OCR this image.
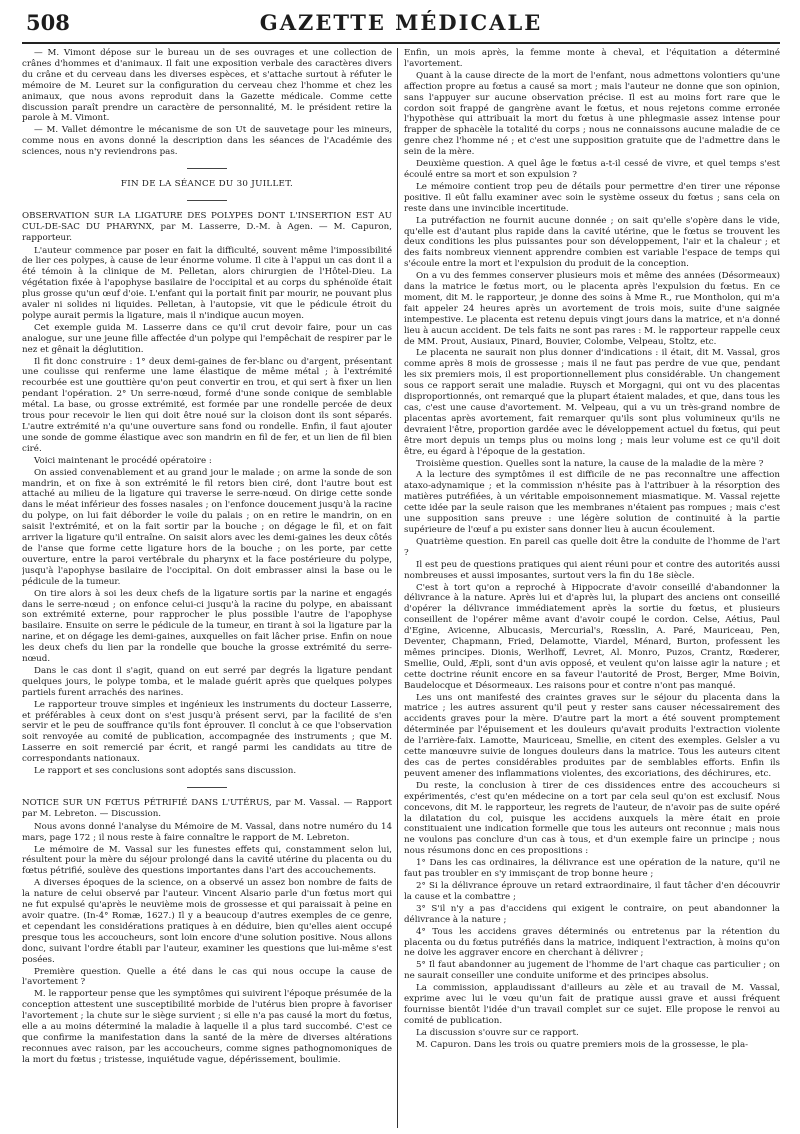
508	GAZETTE MÉDICALE

— M. Vimont dépose sur le bureau un de ses ouvrages et une collection de crânes d'hommes et d'animaux. Il fait une exposition verbale des caractères divers du crâne et du cerveau dans les diverses espèces, et s'attache surtout à réfuter le mémoire de M. Leuret sur la configuration du cerveau chez l'homme et chez les animaux, que nous avons reproduit dans la Gazette médicale. Comme cette discussion paraît prendre un caractère de personnalité, M. le président retire la parole à M. Vimont.

— M. Vallet démontre le mécanisme de son Ut de sauvetage pour les mineurs, comme nous en avons donné la description dans les séances de l'Académie des sciences, nous n'y reviendrons pas.

FIN DE LA SÉANCE DU 30 JUILLET.

OBSERVATION SUR LA LIGATURE DES POLYPES DONT L'INSERTION EST AU CUL-DE-SAC DU PHARYNX, par M. Lasserre, D.-M. à Agen. — M. Capuron, rapporteur.

L'auteur commence par poser en fait la difficulté, souvent même l'impossibilité de lier ces polypes, à cause de leur énorme volume. Il cite à l'appui un cas dont il a été témoin à la clinique de M. Pelletan, alors chirurgien de l'Hôtel-Dieu. La végétation fixée à l'apophyse basilaire de l'occipital et au corps du sphénoïde était plus grosse qu'un œuf d'oie. L'enfant qui la portait finit par mourir, ne pouvant plus avaler ni solides ni liquides. Pelletan, à l'autopsie, vit que le pédicule étroit du polype aurait permis la ligature, mais il n'indique aucun moyen.

Cet exemple guida M. Lasserre dans ce qu'il crut devoir faire, pour un cas analogue, sur une jeune fille affectée d'un polype qui l'empêchait de respirer par le nez et gênait la déglutition.

Il fit donc construire : 1° deux demi-gaines de fer-blanc ou d'argent, présentant une coulisse qui renferme une lame élastique de même métal ; à l'extrémité recourbée est une gouttière qu'on peut convertir en trou, et qui sert à fixer un lien pendant l'opération. 2° Un serre-nœud, formé d'une sonde conique de semblable métal. La base, ou grosse extrémité, est formée par une rondelle percée de deux trous pour recevoir le lien qui doit être noué sur la cloison dont ils sont séparés. L'autre extrémité n'a qu'une ouverture sans fond ou rondelle. Enfin, il faut ajouter une sonde de gomme élastique avec son mandrin en fil de fer, et un lien de fil bien ciré.

Voici maintenant le procédé opératoire :

On assied convenablement et au grand jour le malade ; on arme la sonde de son mandrin, et on fixe à son extrémité le fil retors bien ciré, dont l'autre bout est attaché au milieu de la ligature qui traverse le serre-nœud. On dirige cette sonde dans le méat inférieur des fosses nasales ; on l'enfonce doucement jusqu'à la racine du polype, on lui fait déborder le voile du palais ; on en retire le mandrin, on en saisit l'extrémité, et on la fait sortir par la bouche ; on dégage le fil, et on fait arriver la ligature qu'il entraîne. On saisit alors avec les demi-gaines les deux côtés de l'anse que forme cette ligature hors de la bouche ; on les porte, par cette ouverture, entre la paroi vertébrale du pharynx et la face postérieure du polype, jusqu'à l'apophyse basilaire de l'occipital. On doit embrasser ainsi la base ou le pédicule de la tumeur.

On tire alors à soi les deux chefs de la ligature sortis par la narine et engagés dans le serre-nœud ; on enfonce celui-ci jusqu'à la racine du polype, en abaissant son extrémité externe, pour rapprocher le plus possible l'autre de l'apophyse basilaire. Ensuite on serre le pédicule de la tumeur, en tirant à soi la ligature par la narine, et on dégage les demi-gaines, auxquelles on fait lâcher prise. Enfin on noue les deux chefs du lien par la rondelle que bouche la grosse extrémité du serre-nœud.

Dans le cas dont il s'agit, quand on eut serré par degrés la ligature pendant quelques jours, le polype tomba, et le malade guérit après que quelques polypes partiels furent arrachés des narines.

Le rapporteur trouve simples et ingénieux les instruments du docteur Lasserre, et préférables à ceux dont on s'est jusqu'à présent servi, par la facilité de s'en servir et le peu de souffrance qu'ils font éprouver. Il conclut à ce que l'observation soit renvoyée au comité de publication, accompagnée des instruments ; que M. Lasserre en soit remercié par écrit, et rangé parmi les candidats au titre de correspondants nationaux.

Le rapport et ses conclusions sont adoptés sans discussion.

NOTICE SUR UN FŒTUS PÉTRIFIÉ DANS L'UTÉRUS, par M. Vassal. — Rapport par M. Lebreton. — Discussion.

Nous avons donné l'analyse du Mémoire de M. Vassal, dans notre numéro du 14 mars, page 172 ; il nous reste à faire connaître le rapport de M. Lebreton.

Le mémoire de M. Vassal sur les funestes effets qui, constamment selon lui, résultent pour la mère du séjour prolongé dans la cavité utérine du placenta ou du fœtus pétrifié, soulève des questions importantes dans l'art des accouchements.

A diverses époques de la science, on a observé un assez bon nombre de faits de la nature de celui observé par l'auteur. Vincent Alsario parle d'un fœtus mort qui ne fut expulsé qu'après le neuvième mois de grossesse et qui paraissait à peine en avoir quatre. (In-4° Romæ, 1627.) Il y a beaucoup d'autres exemples de ce genre, et cependant les considérations pratiques à en déduire, bien qu'elles aient occupé presque tous les accoucheurs, sont loin encore d'une solution positive. Nous allons donc, suivant l'ordre établi par l'auteur, examiner les questions que lui-même s'est posées.

Première question. Quelle a été dans le cas qui nous occupe la cause de l'avortement ?

M. le rapporteur pense que les symptômes qui suivirent l'époque présumée de la conception attestent une susceptibilité morbide de l'utérus bien propre à favoriser l'avortement ; la chute sur le siège survient ; si elle n'a pas causé la mort du fœtus, elle a au moins déterminé la maladie à laquelle il a plus tard succombé. C'est ce que confirme la manifestation dans la santé de la mère de diverses altérations reconnues avec raison, par les accoucheurs, comme signes pathognomoniques de la mort du fœtus ; tristesse, inquiétude vague, dépérissement, boulimie.

Enfin, un mois après, la femme monte à cheval, et l'équitation a déterminé l'avortement.

Quant à la cause directe de la mort de l'enfant, nous admettons volontiers qu'une affection propre au fœtus a causé sa mort ; mais l'auteur ne donne que son opinion, sans l'appuyer sur aucune observation précise. Il est au moins fort rare que le cordon soit frappé de gangrène avant le fœtus, et nous rejetons comme erronée l'hypothèse qui attribuait la mort du fœtus à une phlegmasie assez intense pour frapper de sphacèle la totalité du corps ; nous ne connaissons aucune maladie de ce genre chez l'homme né ; et c'est une supposition gratuite que de l'admettre dans le sein de la mère.

Deuxième question. A quel âge le fœtus a-t-il cessé de vivre, et quel temps s'est écoulé entre sa mort et son expulsion ?

Le mémoire contient trop peu de détails pour permettre d'en tirer une réponse positive. Il eût fallu examiner avec soin le système osseux du fœtus ; sans cela on reste dans une invincible incertitude.

La putréfaction ne fournit aucune donnée ; on sait qu'elle s'opère dans le vide, qu'elle est d'autant plus rapide dans la cavité utérine, que le fœtus se trouvent les deux conditions les plus puissantes pour son développement, l'air et la chaleur ; et des faits nombreux viennent apprendre combien est variable l'espace de temps qui s'écoule entre la mort et l'expulsion du produit de la conception.

On a vu des femmes conserver plusieurs mois et même des années (Désormeaux) dans la matrice le fœtus mort, ou le placenta après l'expulsion du fœtus. En ce moment, dit M. le rapporteur, je donne des soins à Mme R., rue Montholon, qui m'a fait appeler 24 heures après un avortement de trois mois, suite d'une saignée intempestive. Le placenta est retenu depuis vingt jours dans la matrice, et n'a donné lieu à aucun accident. De tels faits ne sont pas rares : M. le rapporteur rappelle ceux de MM. Prout, Ausiaux, Pinard, Bouvier, Colombe, Velpeau, Stoltz, etc.

Le placenta ne saurait non plus donner d'indications : il était, dit M. Vassal, gros comme après 8 mois de grossesse ; mais il ne faut pas perdre de vue que, pendant les six premiers mois, il est proportionnellement plus considérable. Un changement sous ce rapport serait une maladie. Ruysch et Morgagni, qui ont vu des placentas disproportionnés, ont remarqué que la plupart étaient malades, et que, dans tous les cas, c'est une cause d'avortement. M. Velpeau, qui a vu un très-grand nombre de placentas après avortement, fait remarquer qu'ils sont plus volumineux qu'ils ne devraient l'être, proportion gardée avec le développement actuel du fœtus, qui peut être mort depuis un temps plus ou moins long ; mais leur volume est ce qu'il doit être, eu égard à l'époque de la gestation.

Troisième question. Quelles sont la nature, la cause de la maladie de la mère ?

A la lecture des symptômes il est difficile de ne pas reconnaître une affection ataxo-adynamique ; et la commission n'hésite pas à l'attribuer à la résorption des matières putréfiées, à un véritable empoisonnement miasmatique. M. Vassal rejette cette idée par la seule raison que les membranes n'étaient pas rompues ; mais c'est une supposition sans preuve : une légère solution de continuité à la partie supérieure de l'œuf a pu exister sans donner lieu à aucun écoulement.

Quatrième question. En pareil cas quelle doit être la conduite de l'homme de l'art ?

Il est peu de questions pratiques qui aient réuni pour et contre des autorités aussi nombreuses et aussi imposantes, surtout vers la fin du 18e siècle.

C'est à tort qu'on a reproché à Hippocrate d'avoir conseillé d'abandonner la délivrance à la nature. Après lui et d'après lui, la plupart des anciens ont conseillé d'opérer la délivrance immédiatement après la sortie du fœtus, et plusieurs conseillent de l'opérer même avant d'avoir coupé le cordon. Celse, Aétius, Paul d'Egine, Avicenne, Albucasis, Mercurial's, Rœsslin, A. Paré, Mauriceau, Pen, Deventer, Chapmann, Fried, Delamotte, Viardel, Ménard, Burton, professent les mêmes principes. Dionis, Werlhoff, Levret, Al. Monro, Puzos, Crantz, Rœderer, Smellie, Ould, Æpli, sont d'un avis opposé, et veulent qu'on laisse agir la nature ; et cette doctrine réunit encore en sa faveur l'autorité de Prost, Berger, Mme Boivin, Baudelocque et Désormeaux. Les raisons pour et contre n'ont pas manqué.

Les uns ont manifesté des craintes graves sur le séjour du placenta dans la matrice ; les autres assurent qu'il peut y rester sans causer nécessairement des accidents graves pour la mère. D'autre part la mort a été souvent promptement déterminée par l'épuisement et les douleurs qu'avait produits l'extraction violente de l'arrière-faix. Lamotte, Mauriceau, Smellie, en citent des exemples. Gelsler a vu cette manœuvre suivie de longues douleurs dans la matrice. Tous les auteurs citent des cas de pertes considérables produites par de semblables efforts. Enfin ils peuvent amener des inflammations violentes, des excoriations, des déchirures, etc.

Du reste, la conclusion à tirer de ces dissidences entre des accoucheurs si expérimentés, c'est qu'en médecine on a tort par cela seul qu'on est exclusif. Nous concevons, dit M. le rapporteur, les regrets de l'auteur, de n'avoir pas de suite opéré la dilatation du col, puisque les accidens auxquels la mère était en proie constituaient une indication formelle que tous les auteurs ont reconnue ; mais nous ne voulons pas conclure d'un cas à tous, et d'un exemple faire un principe ; nous nous résumons donc en ces propositions :

1° Dans les cas ordinaires, la délivrance est une opération de la nature, qu'il ne faut pas troubler en s'y immisçant de trop bonne heure ;

2° Si la délivrance éprouve un retard extraordinaire, il faut tâcher d'en découvrir la cause et la combattre ;

3° S'il n'y a pas d'accidens qui exigent le contraire, on peut abandonner la délivrance à la nature ;

4° Tous les accidens graves déterminés ou entretenus par la rétention du placenta ou du fœtus putréfiés dans la matrice, indiquent l'extraction, à moins qu'on ne doive les aggraver encore en cherchant à délivrer ;

5° Il faut abandonner au jugement de l'homme de l'art chaque cas particulier ; on ne saurait conseiller une conduite uniforme et des principes absolus.

La commission, applaudissant d'ailleurs au zèle et au travail de M. Vassal, exprime avec lui le vœu qu'un fait de pratique aussi grave et aussi fréquent fournisse bientôt l'idée d'un travail complet sur ce sujet. Elle propose le renvoi au comité de publication.

La discussion s'ouvre sur ce rapport.

M. Capuron. Dans les trois ou quatre premiers mois de la grossesse, le pla-
